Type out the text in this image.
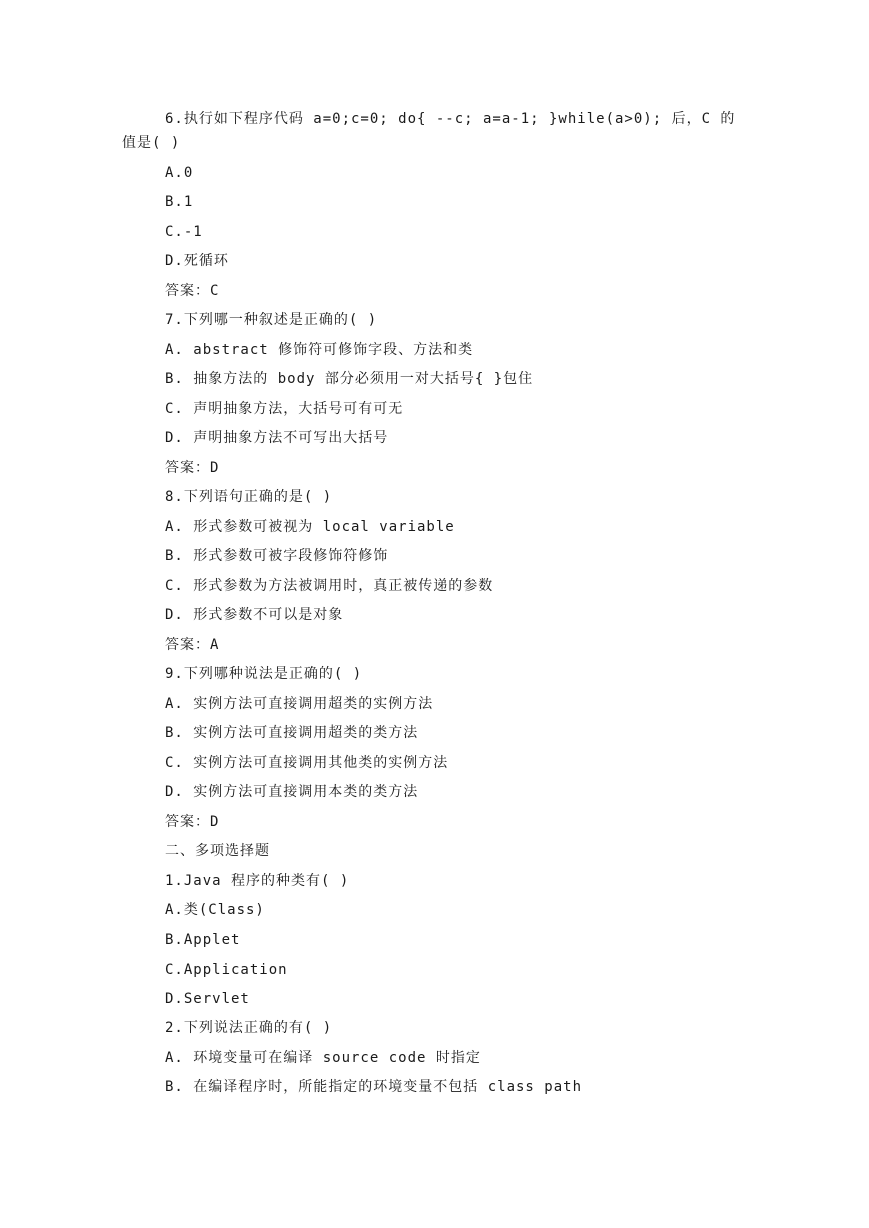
6.执行如下程序代码 a=0;c=0; do{ --c; a=a-1; }while(a>0); 后，C 的
值是( )
A.0
B.1
C.-1
D.死循环
答案：C
7.下列哪一种叙述是正确的( )
A. abstract 修饰符可修饰字段、方法和类
B. 抽象方法的 body 部分必须用一对大括号{ }包住
C. 声明抽象方法，大括号可有可无
D. 声明抽象方法不可写出大括号
答案：D
8.下列语句正确的是( )
A. 形式参数可被视为 local variable
B. 形式参数可被字段修饰符修饰
C. 形式参数为方法被调用时，真正被传递的参数
D. 形式参数不可以是对象
答案：A
9.下列哪种说法是正确的( )
A. 实例方法可直接调用超类的实例方法
B. 实例方法可直接调用超类的类方法
C. 实例方法可直接调用其他类的实例方法
D. 实例方法可直接调用本类的类方法
答案：D
二、多项选择题
1.Java 程序的种类有( )
A.类(Class)
B.Applet
C.Application
D.Servlet
2.下列说法正确的有( )
A. 环境变量可在编译 source code 时指定
B. 在编译程序时，所能指定的环境变量不包括 class path
